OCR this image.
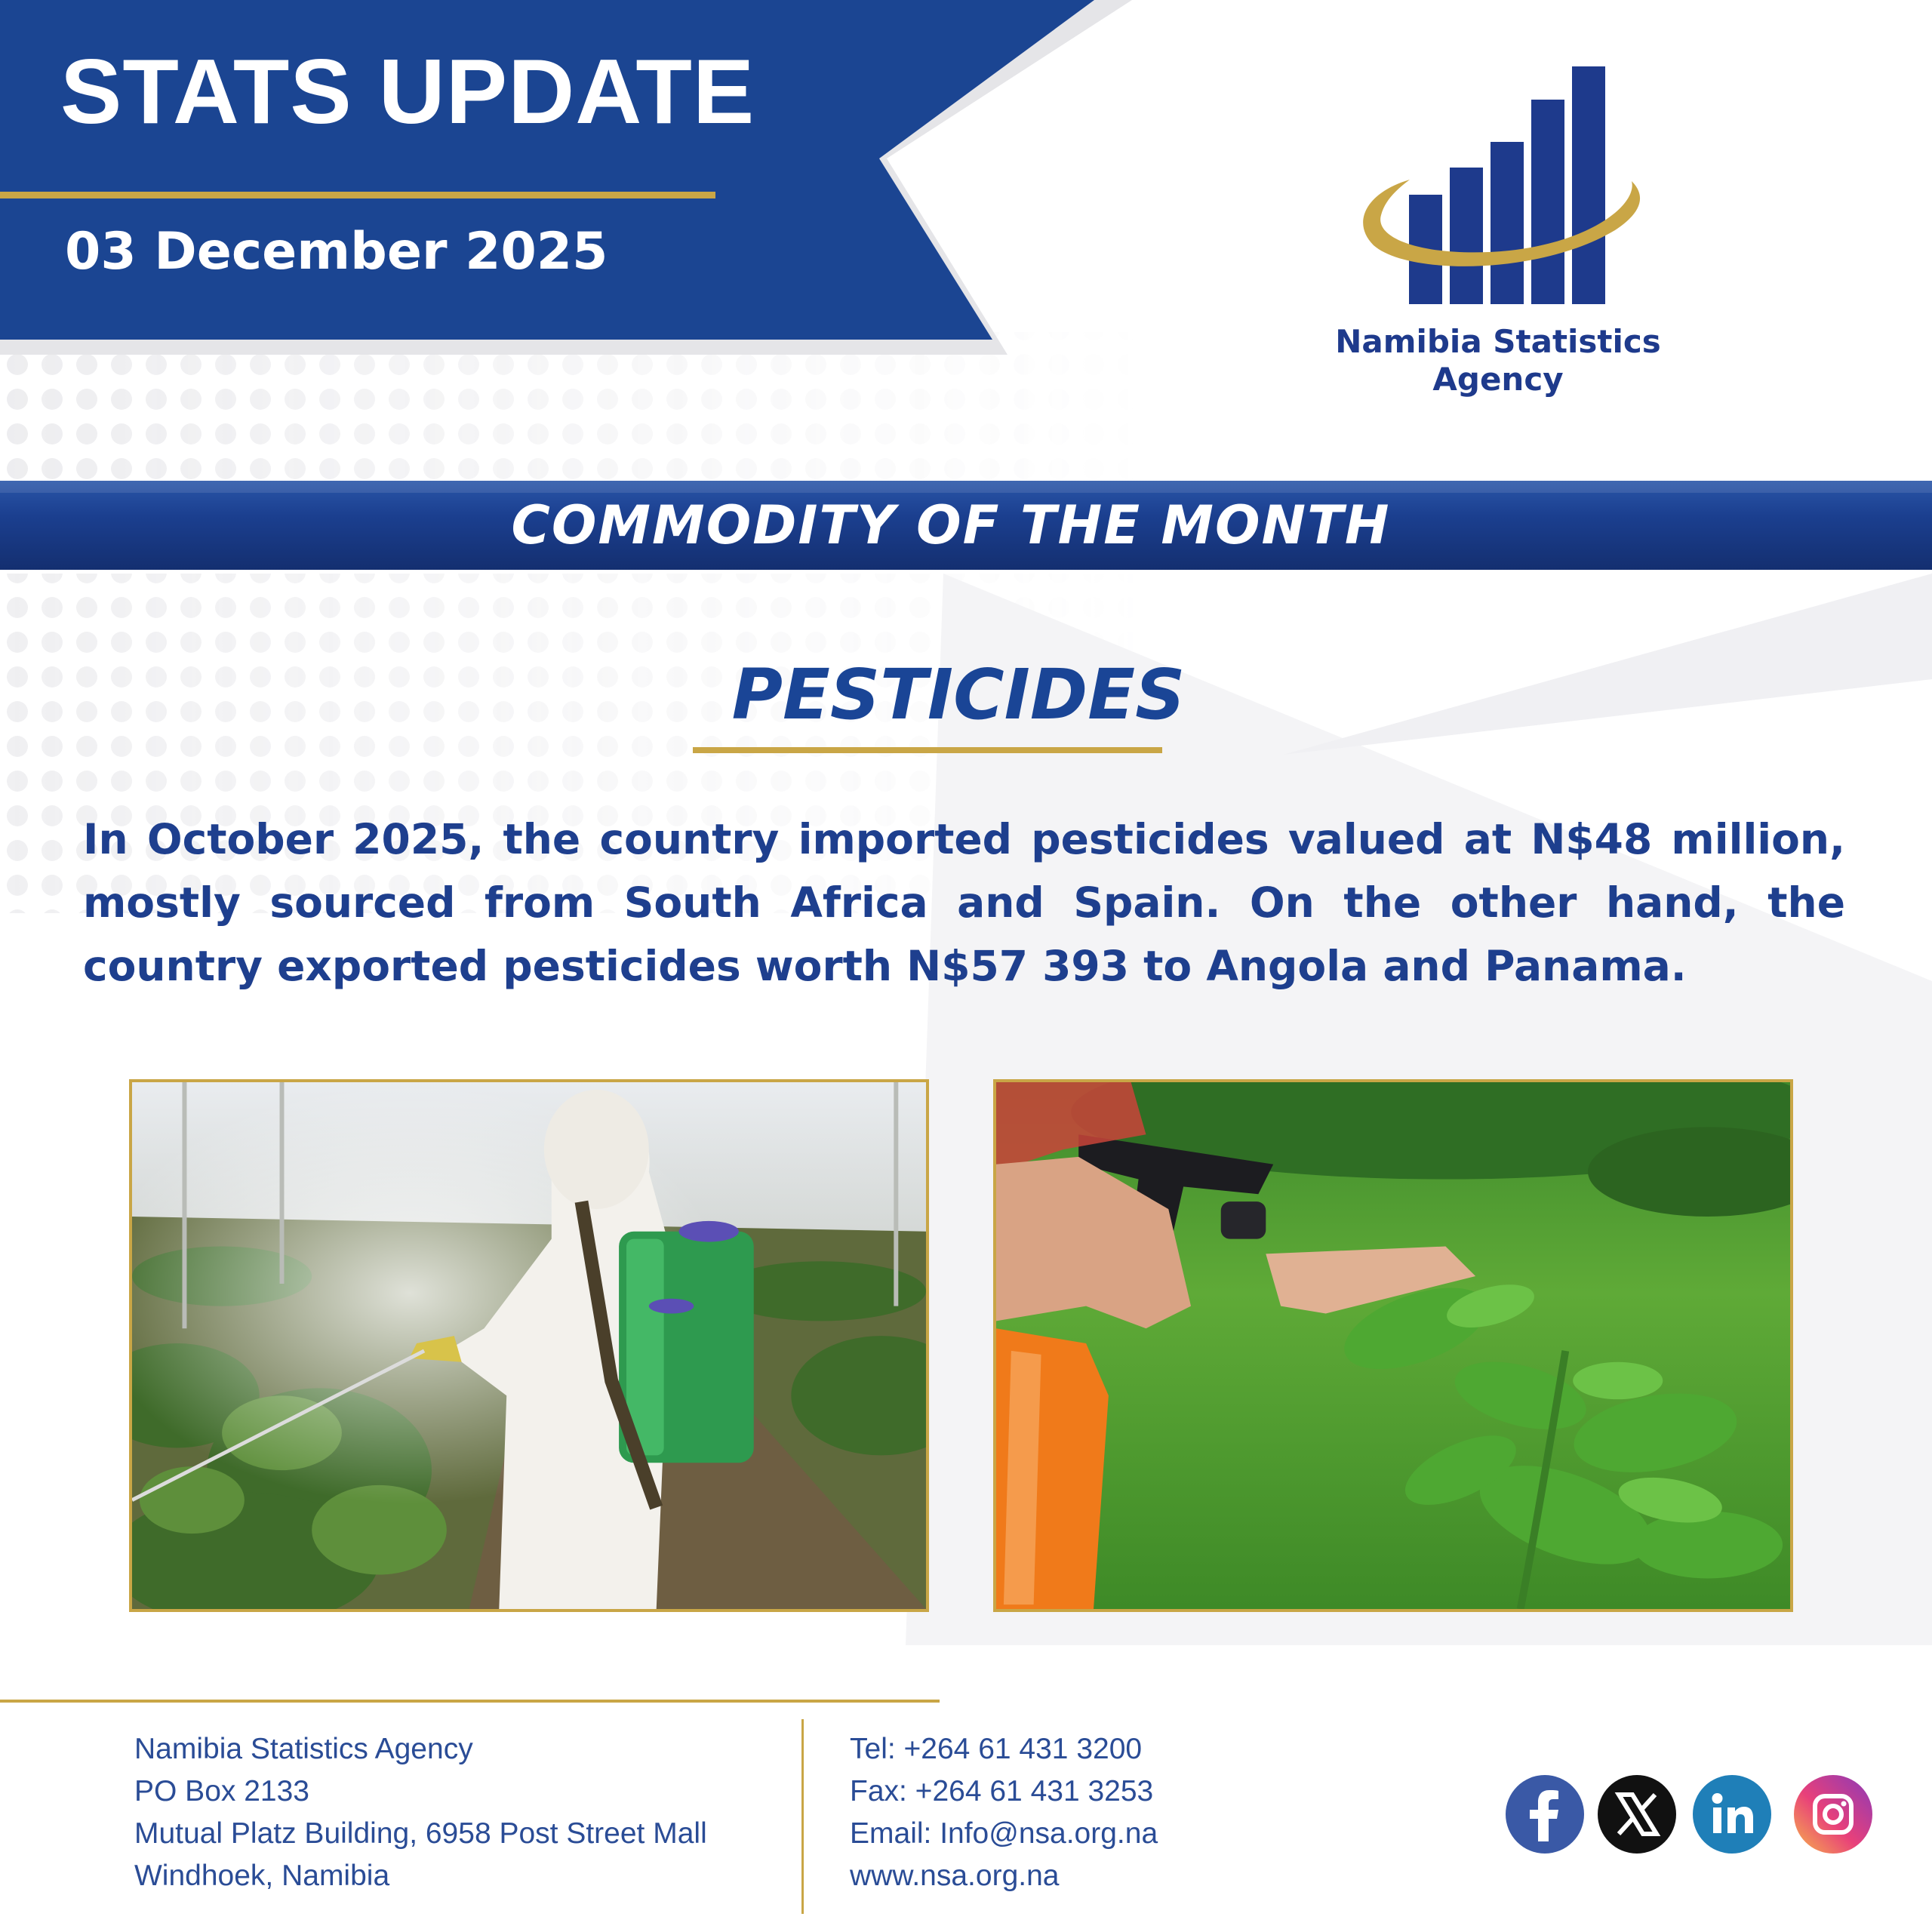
STATS UPDATE
03 December 2025
Namibia Statistics
Agency
COMMODITY OF THE MONTH
PESTICIDES
In October 2025, the country imported pesticides valued at N$48 million, mostly sourced from South Africa and Spain. On the other hand, the country exported pesticides worth N$57 393 to Angola and Panama.
Namibia Statistics Agency
PO Box 2133
Mutual Platz Building, 6958 Post Street Mall
Windhoek, Namibia
Tel: +264 61 431 3200
Fax: +264 61 431 3253
Email: Info@nsa.org.na
www.nsa.org.na
